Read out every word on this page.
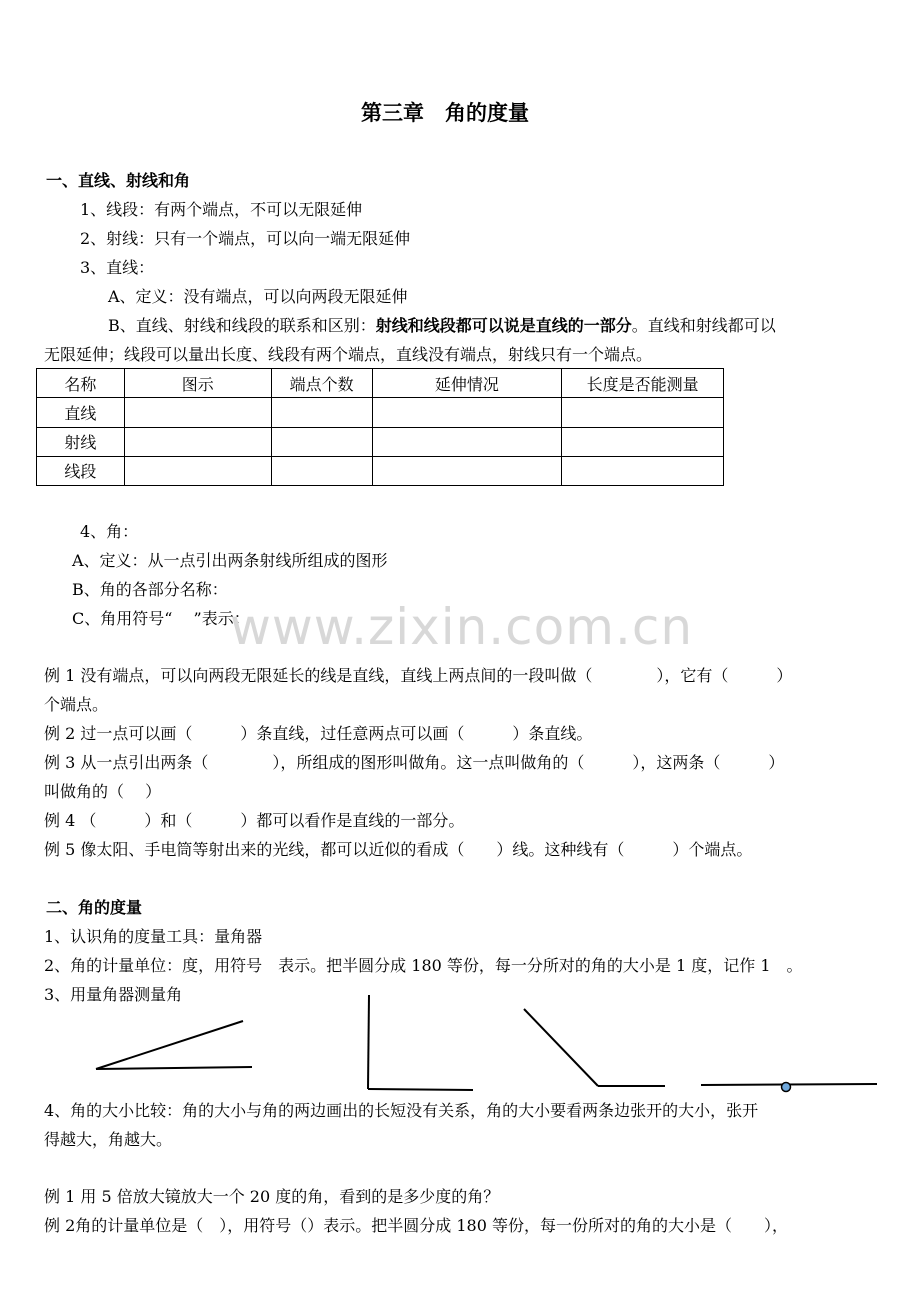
第三章　角的度量
一、直线、射线和角
1、线段：有两个端点，不可以无限延伸
2、射线：只有一个端点，可以向一端无限延伸
3、直线：
A、定义：没有端点，可以向两段无限延伸
B、直线、射线和线段的联系和区别：射线和线段都可以说是直线的一部分。直线和射线都可以
无限延伸；线段可以量出长度、线段有两个端点，直线没有端点，射线只有一个端点。
名称	图示	端点个数	延伸情况	长度是否能测量
直线				
射线				
线段				
4、角：
A、定义：从一点引出两条射线所组成的图形
B、角的各部分名称：
C、角用符号“　 ”表示：
www.zixin.com.cn
例 1 没有端点，可以向两段无限延长的线是直线，直线上两点间的一段叫做（　　　　），它有（　　　）
个端点。
例 2 过一点可以画（　　　）条直线，过任意两点可以画（　　　）条直线。
例 3 从一点引出两条（　　　　），所组成的图形叫做角。这一点叫做角的（　　　），这两条（　　　）
叫做角的（　 ）
例 4 （　　　）和（　　　）都可以看作是直线的一部分。
例 5 像太阳、手电筒等射出来的光线，都可以近似的看成（　　）线。这种线有（　　　）个端点。
二、角的度量
1、认识角的度量工具：量角器
2、角的计量单位：度，用符号　表示。把半圆分成 180 等份，每一分所对的角的大小是 1 度，记作 1　。
3、用量角器测量角
4、角的大小比较：角的大小与角的两边画出的长短没有关系，角的大小要看两条边张开的大小，张开
得越大，角越大。
例 1 用 5 倍放大镜放大一个 20 度的角，看到的是多少度的角？
例 2角的计量单位是（　），用符号（）表示。把半圆分成 180 等份，每一份所对的角的大小是（　　），
